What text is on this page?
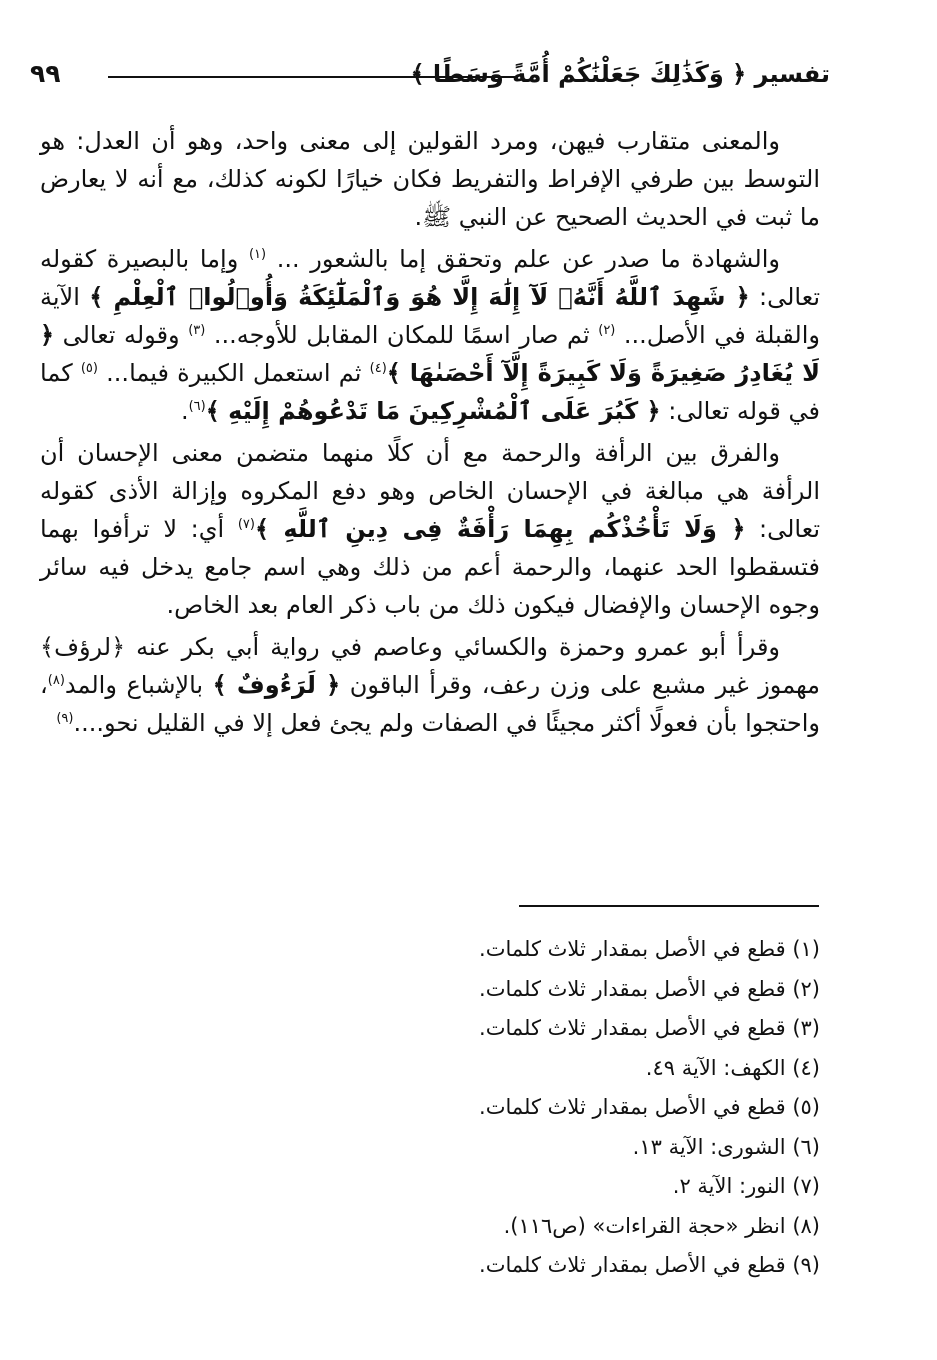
٩٩	تفسير ﴿ وَكَذَٰلِكَ جَعَلْنَٰكُمْ أُمَّةً وَسَطًا ﴾

والمعنى متقارب فيهن، ومرد القولين إلى معنى واحد، وهو أن العدل: هو التوسط بين طرفي الإفراط والتفريط فكان خيارًا لكونه كذلك، مع أنه لا يعارض ما ثبت في الحديث الصحيح عن النبي ﷺ.

والشهادة ما صدر عن علم وتحقق إما بالشعور ... $^{(١)}$ وإما بالبصيرة كقوله تعالى: ﴿ شَهِدَ ٱللَّهُ أَنَّهُۥ لَآ إِلَٰهَ إِلَّا هُوَ وَٱلْمَلَٰٓئِكَةُ وَأُو۟لُوا۟ ٱلْعِلْمِ ﴾ الآية والقبلة في الأصل... $^{(٢)}$ ثم صار اسمًا للمكان المقابل للأوجه... $^{(٣)}$ وقوله تعالى ﴿ لَا يُغَادِرُ صَغِيرَةً وَلَا كَبِيرَةً إِلَّآ أَحْصَىٰهَا ﴾$^{(٤)}$ ثم استعمل الكبيرة فيما... $^{(٥)}$ كما في قوله تعالى: ﴿ كَبُرَ عَلَى ٱلْمُشْرِكِينَ مَا تَدْعُوهُمْ إِلَيْهِ ﴾$^{(٦)}$.

والفرق بين الرأفة والرحمة مع أن كلًا منهما متضمن معنى الإحسان أن الرأفة هي مبالغة في الإحسان الخاص وهو دفع المكروه وإزالة الأذى كقوله تعالى: ﴿ وَلَا تَأْخُذْكُم بِهِمَا رَأْفَةٌ فِى دِينِ ٱللَّهِ ﴾$^{(٧)}$ أي: لا ترأفوا بهما فتسقطوا الحد عنهما، والرحمة أعم من ذلك وهي اسم جامع يدخل فيه سائر وجوه الإحسان والإفضال فيكون ذلك من باب ذكر العام بعد الخاص.

وقرأ أبو عمرو وحمزة والكسائي وعاصم في رواية أبي بكر عنه ﴿لرؤف﴾ مهموز غير مشبع على وزن رعف، وقرأ الباقون ﴿ لَرَءُوفٌ ﴾ بالإشباع والمد$^{(٨)}$، واحتجوا بأن فعولًا أكثر مجيئًا في الصفات ولم يجئ فعل إلا في القليل نحو....$^{(٩)}$

(١) قطع في الأصل بمقدار ثلاث كلمات.
(٢) قطع في الأصل بمقدار ثلاث كلمات.
(٣) قطع في الأصل بمقدار ثلاث كلمات.
(٤) الكهف: الآية ٤٩.
(٥) قطع في الأصل بمقدار ثلاث كلمات.
(٦) الشورى: الآية ١٣.
(٧) النور: الآية ٢.
(٨) انظر «حجة القراءات» (ص١١٦).
(٩) قطع في الأصل بمقدار ثلاث كلمات.
